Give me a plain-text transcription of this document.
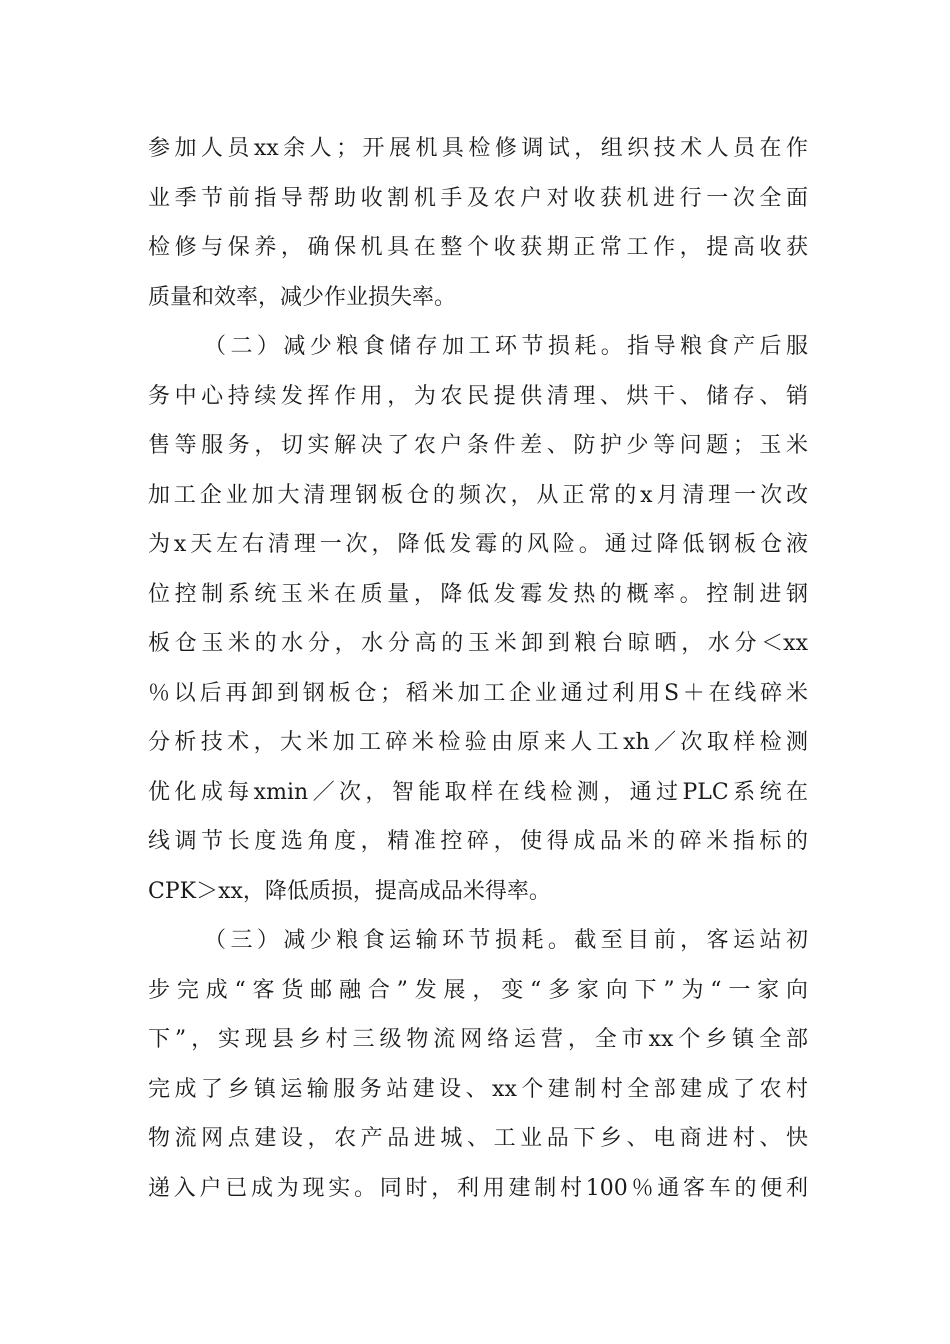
参加人员xx余人；开展机具检修调试，组织技术人员在作
业季节前指导帮助收割机手及农户对收获机进行一次全面
检修与保养，确保机具在整个收获期正常工作，提高收获
质量和效率，减少作业损失率。
（二）减少粮食储存加工环节损耗。指导粮食产后服
务中心持续发挥作用，为农民提供清理、烘干、储存、销
售等服务，切实解决了农户条件差、防护少等问题；玉米
加工企业加大清理钢板仓的频次，从正常的x月清理一次改
为x天左右清理一次，降低发霉的风险。通过降低钢板仓液
位控制系统玉米在质量，降低发霉发热的概率。控制进钢
板仓玉米的水分，水分高的玉米卸到粮台晾晒，水分＜xx
％以后再卸到钢板仓；稻米加工企业通过利用S＋在线碎米
分析技术，大米加工碎米检验由原来人工xh／次取样检测
优化成每xmin／次，智能取样在线检测，通过PLC系统在
线调节长度选角度，精准控碎，使得成品米的碎米指标的
CPK＞xx，降低质损，提高成品米得率。
（三）减少粮食运输环节损耗。截至目前，客运站初
步完成“客货邮融合”发展，变“多家向下”为“一家向
下”，实现县乡村三级物流网络运营，全市xx个乡镇全部
完成了乡镇运输服务站建设、xx个建制村全部建成了农村
物流网点建设，农产品进城、工业品下乡、电商进村、快
递入户已成为现实。同时，利用建制村100％通客车的便利
